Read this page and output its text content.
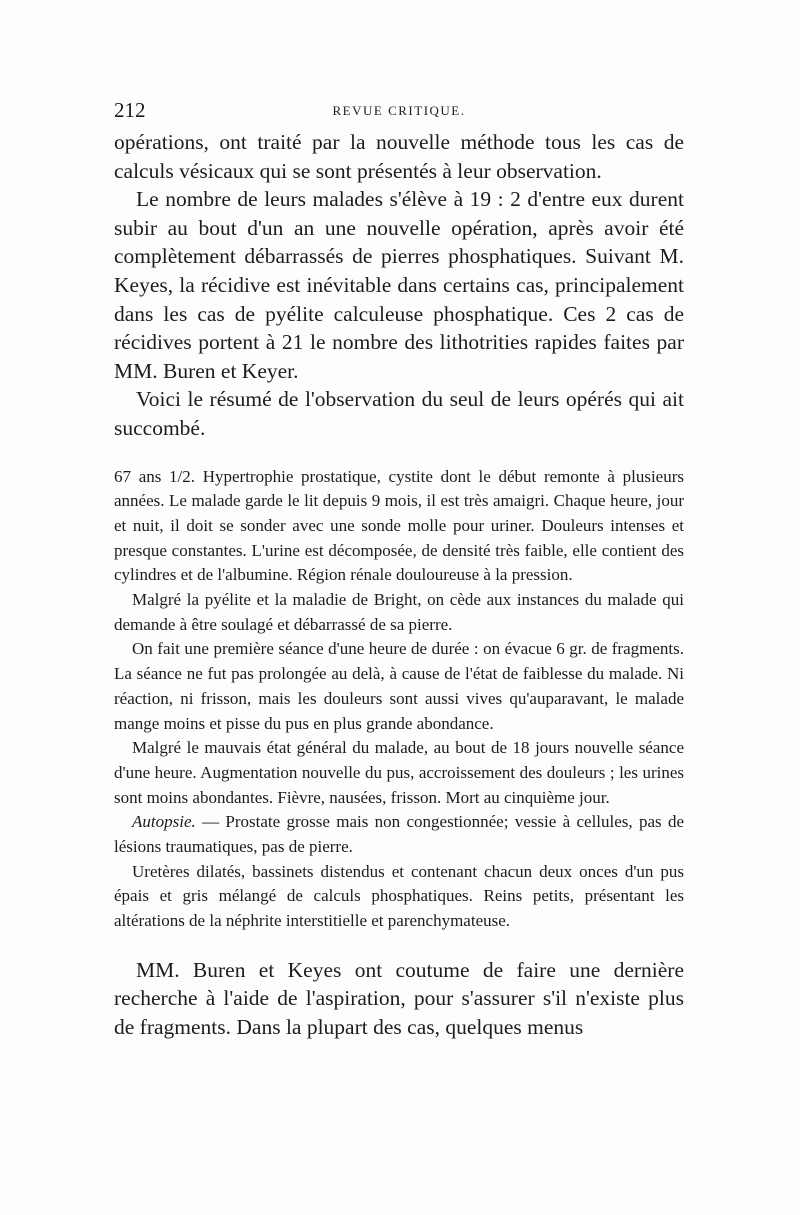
212	REVUE CRITIQUE.

opérations, ont traité par la nouvelle méthode tous les cas de calculs vésicaux qui se sont présentés à leur observation.

Le nombre de leurs malades s'élève à 19 : 2 d'entre eux durent subir au bout d'un an une nouvelle opération, après avoir été complètement débarrassés de pierres phosphatiques. Suivant M. Keyes, la récidive est inévitable dans certains cas, principalement dans les cas de pyélite calculeuse phosphatique. Ces 2 cas de récidives portent à 21 le nombre des lithotrities rapides faites par MM. Buren et Keyer.

Voici le résumé de l'observation du seul de leurs opérés qui ait succombé.

67 ans 1/2. Hypertrophie prostatique, cystite dont le début remonte à plusieurs années. Le malade garde le lit depuis 9 mois, il est très amaigri. Chaque heure, jour et nuit, il doit se sonder avec une sonde molle pour uriner. Douleurs intenses et presque constantes. L'urine est décomposée, de densité très faible, elle contient des cylindres et de l'albumine. Région rénale douloureuse à la pression.

Malgré la pyélite et la maladie de Bright, on cède aux instances du malade qui demande à être soulagé et débarrassé de sa pierre.

On fait une première séance d'une heure de durée : on évacue 6 gr. de fragments. La séance ne fut pas prolongée au delà, à cause de l'état de faiblesse du malade. Ni réaction, ni frisson, mais les douleurs sont aussi vives qu'auparavant, le malade mange moins et pisse du pus en plus grande abondance.

Malgré le mauvais état général du malade, au bout de 18 jours nouvelle séance d'une heure. Augmentation nouvelle du pus, accroissement des douleurs ; les urines sont moins abondantes. Fièvre, nausées, frisson. Mort au cinquième jour.

Autopsie. — Prostate grosse mais non congestionnée; vessie à cellules, pas de lésions traumatiques, pas de pierre.

Uretères dilatés, bassinets distendus et contenant chacun deux onces d'un pus épais et gris mélangé de calculs phosphatiques. Reins petits, présentant les altérations de la néphrite interstitielle et parenchymateuse.

MM. Buren et Keyes ont coutume de faire une dernière recherche à l'aide de l'aspiration, pour s'assurer s'il n'existe plus de fragments. Dans la plupart des cas, quelques menus
